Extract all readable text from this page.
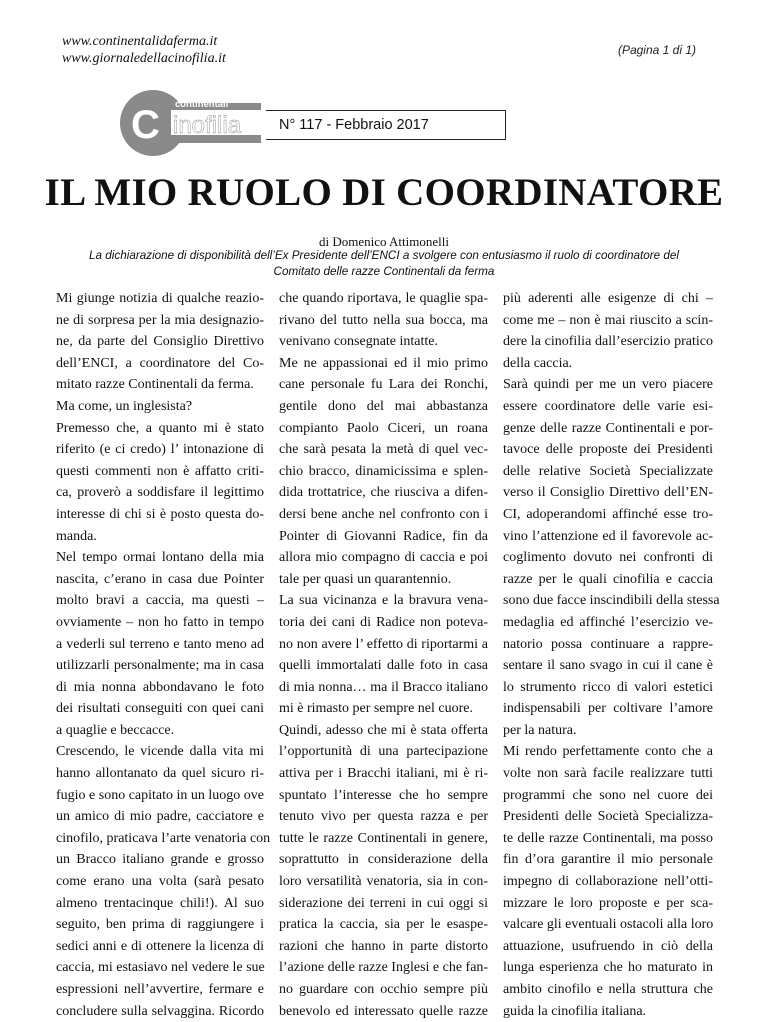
www.continentalidaferma.it
www.giornaledellacinofilia.it
(Pagina 1 di 1)
C continentali
inofilia
da ferma
N° 117 - Febbraio 2017
IL MIO RUOLO DI COORDINATORE
di Domenico Attimonelli
La dichiarazione di disponibilità dell’Ex Presidente dell’ENCI a svolgere con entusiasmo il ruolo di coordinatore del
Comitato delle razze Continentali da ferma
Mi giunge notizia di qualche reazio-
ne di sorpresa per la mia designazio-
ne, da parte del Consiglio Direttivo
dell’ENCI, a coordinatore del Co-
mitato razze Continentali da ferma.
Ma come, un inglesista?
Premesso che, a quanto mi è stato
riferito (e ci credo) l’ intonazione di
questi commenti non è affatto criti-
ca, proverò a soddisfare il legittimo
interesse di chi si è posto questa do-
manda.
Nel tempo ormai lontano della mia
nascita, c’erano in casa due Pointer
molto bravi a caccia, ma questi –
ovviamente – non ho fatto in tempo
a vederli sul terreno e tanto meno ad
utilizzarli personalmente; ma in casa
di mia nonna abbondavano le foto
dei risultati conseguiti con quei cani
a quaglie e beccacce.
Crescendo, le vicende dalla vita mi
hanno allontanato da quel sicuro ri-
fugio e sono capitato in un luogo ove
un amico di mio padre, cacciatore e
cinofilo, praticava l’arte venatoria con
un Bracco italiano grande e grosso
come erano una volta (sarà pesato
almeno trentacinque chili!). Al suo
seguito, ben prima di raggiungere i
sedici anni e di ottenere la licenza di
caccia, mi estasiavo nel vedere le sue
espressioni nell’avvertire, fermare e
concludere sulla selvaggina. Ricordo
che quando riportava, le quaglie spa-
rivano del tutto nella sua bocca, ma
venivano consegnate intatte.
Me ne appassionai ed il mio primo
cane personale fu Lara dei Ronchi,
gentile dono del mai abbastanza
compianto Paolo Ciceri, un roana
che sarà pesata la metà di quel vec-
chio bracco, dinamicissima e splen-
dida trottatrice, che riusciva a difen-
dersi bene anche nel confronto con i
Pointer di Giovanni Radice, fin da
allora mio compagno di caccia e poi
tale per quasi un quarantennio.
La sua vicinanza e la bravura vena-
toria dei cani di Radice non poteva-
no non avere l’ effetto di riportarmi a
quelli immortalati dalle foto in casa
di mia nonna… ma il Bracco italiano
mi è rimasto per sempre nel cuore.
Quindi, adesso che mi è stata offerta
l’opportunità di una partecipazione
attiva per i Bracchi italiani, mi è ri-
spuntato l’interesse che ho sempre
tenuto vivo per questa razza e per
tutte le razze Continentali in genere,
soprattutto in considerazione della
loro versatilità venatoria, sia in con-
siderazione dei terreni in cui oggi si
pratica la caccia, sia per le esaspe-
razioni che hanno in parte distorto
l’azione delle razze Inglesi e che fan-
no guardare con occhio sempre più
benevolo ed interessato quelle razze
più aderenti alle esigenze di chi –
come me – non è mai riuscito a scin-
dere la cinofilia dall’esercizio pratico
della caccia.
Sarà quindi per me un vero piacere
essere coordinatore delle varie esi-
genze delle razze Continentali e por-
tavoce delle proposte dei Presidenti
delle relative Società Specializzate
verso il Consiglio Direttivo dell’EN-
CI, adoperandomi affinché esse tro-
vino l’attenzione ed il favorevole ac-
coglimento dovuto nei confronti di
razze per le quali cinofilia e caccia
sono due facce inscindibili della stessa
medaglia ed affinché l’esercizio ve-
natorio possa continuare a rappre-
sentare il sano svago in cui il cane è
lo strumento ricco di valori estetici
indispensabili per coltivare l’amore
per la natura.
Mi rendo perfettamente conto che a
volte non sarà facile realizzare tutti
programmi che sono nel cuore dei
Presidenti delle Società Specializza-
te delle razze Continentali, ma posso
fin d’ora garantire il mio personale
impegno di collaborazione nell’otti-
mizzare le loro proposte e per sca-
valcare gli eventuali ostacoli alla loro
attuazione, usufruendo in ciò della
lunga esperienza che ho maturato in
ambito cinofilo e nella struttura che
guida la cinofilia italiana.
